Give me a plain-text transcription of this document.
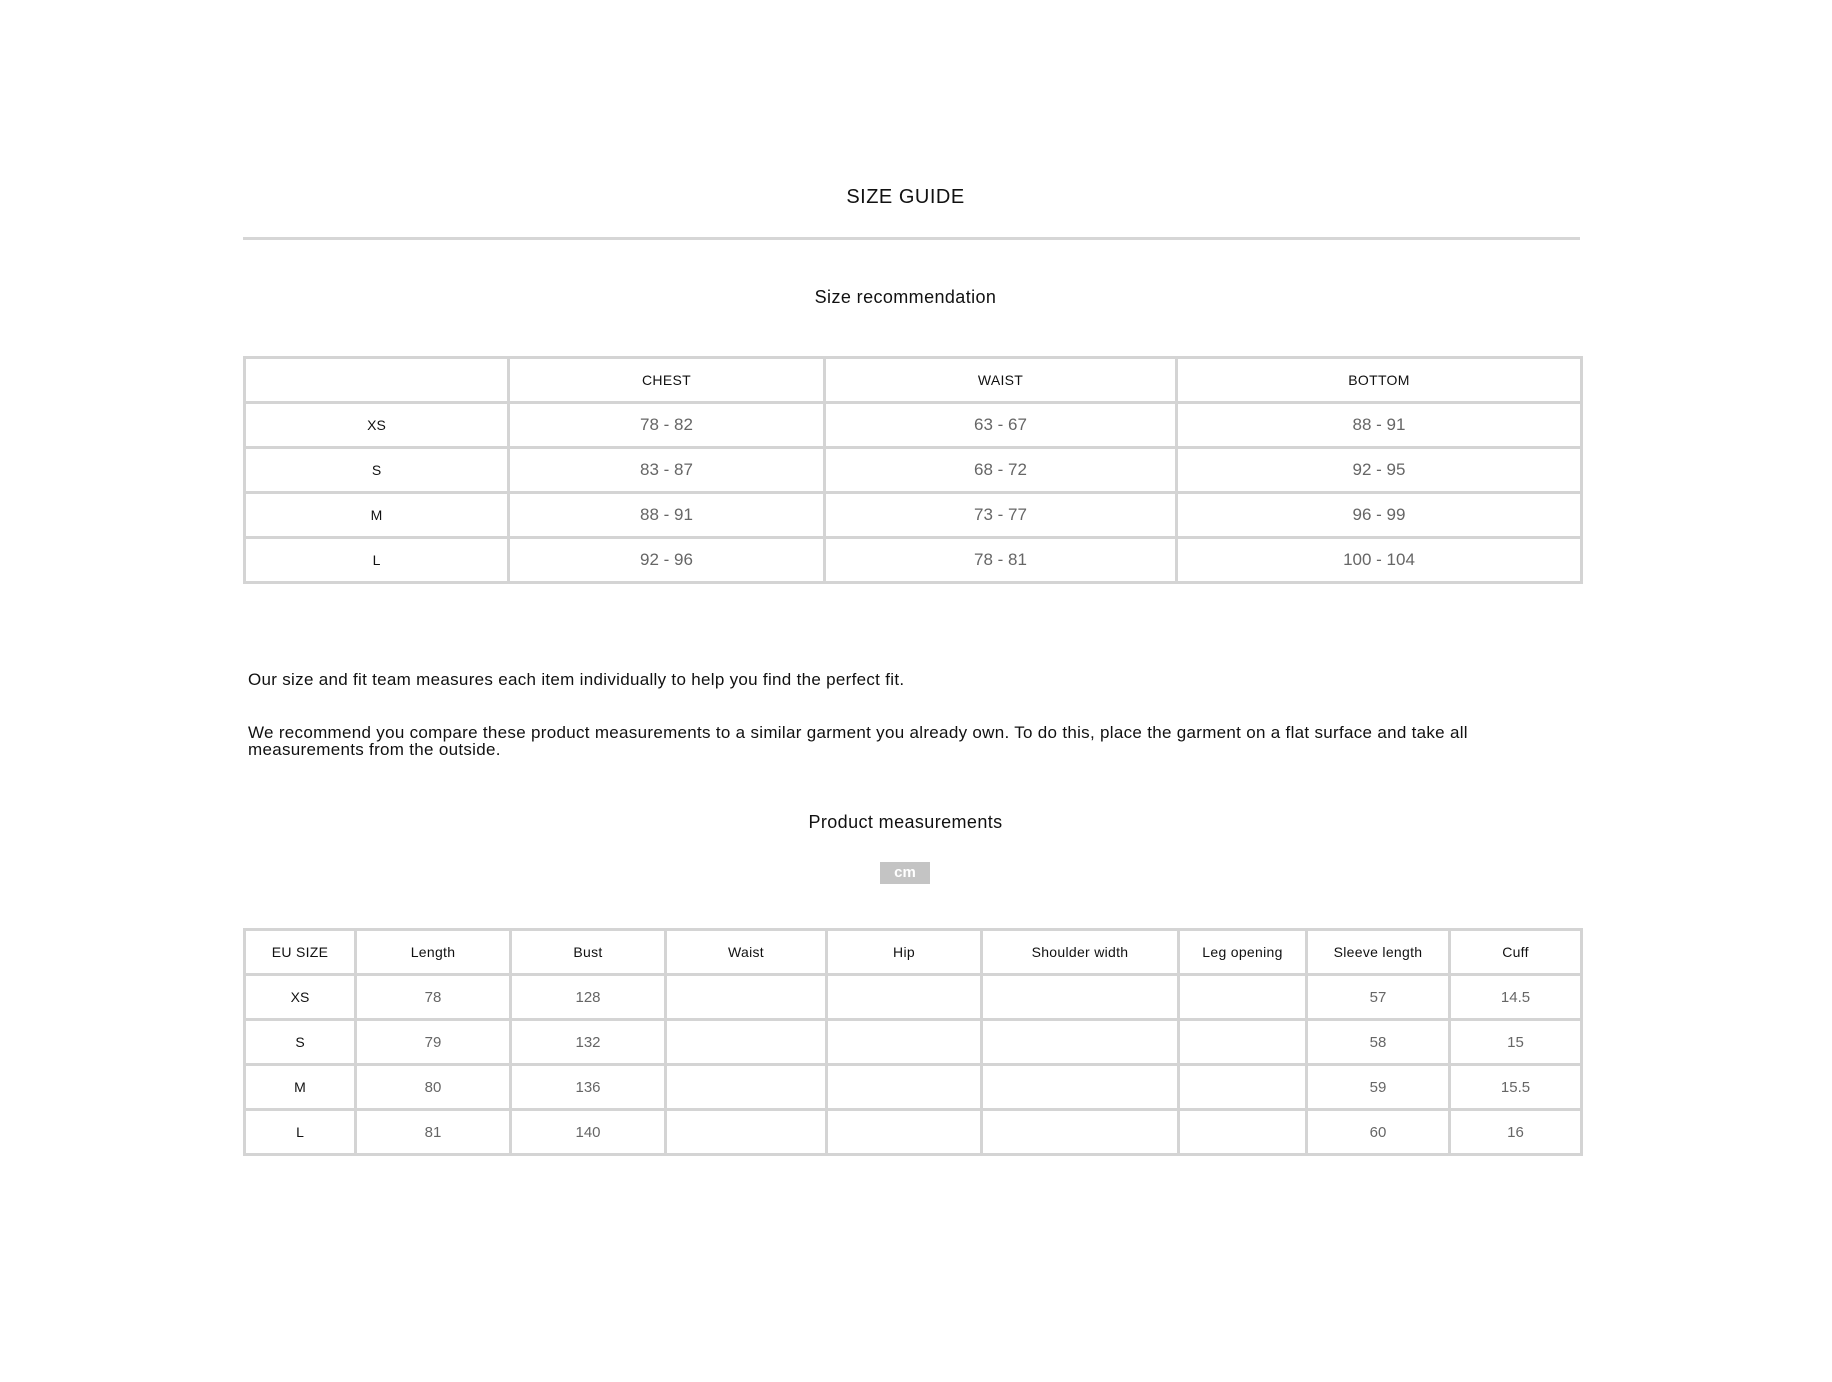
SIZE GUIDE
Size recommendation
	CHEST	WAIST	BOTTOM
XS	78 - 82	63 - 67	88 - 91
S	83 - 87	68 - 72	92 - 95
M	88 - 91	73 - 77	96 - 99
L	92 - 96	78 - 81	100 - 104
Our size and fit team measures each item individually to help you find the perfect fit.
We recommend you compare these product measurements to a similar garment you already own. To do this, place the garment on a flat surface and take all measurements from the outside.
Product measurements
cm
EU SIZE	Length	Bust	Waist	Hip	Shoulder width	Leg opening	Sleeve length	Cuff
XS	78	128					57	14.5
S	79	132					58	15
M	80	136					59	15.5
L	81	140					60	16
